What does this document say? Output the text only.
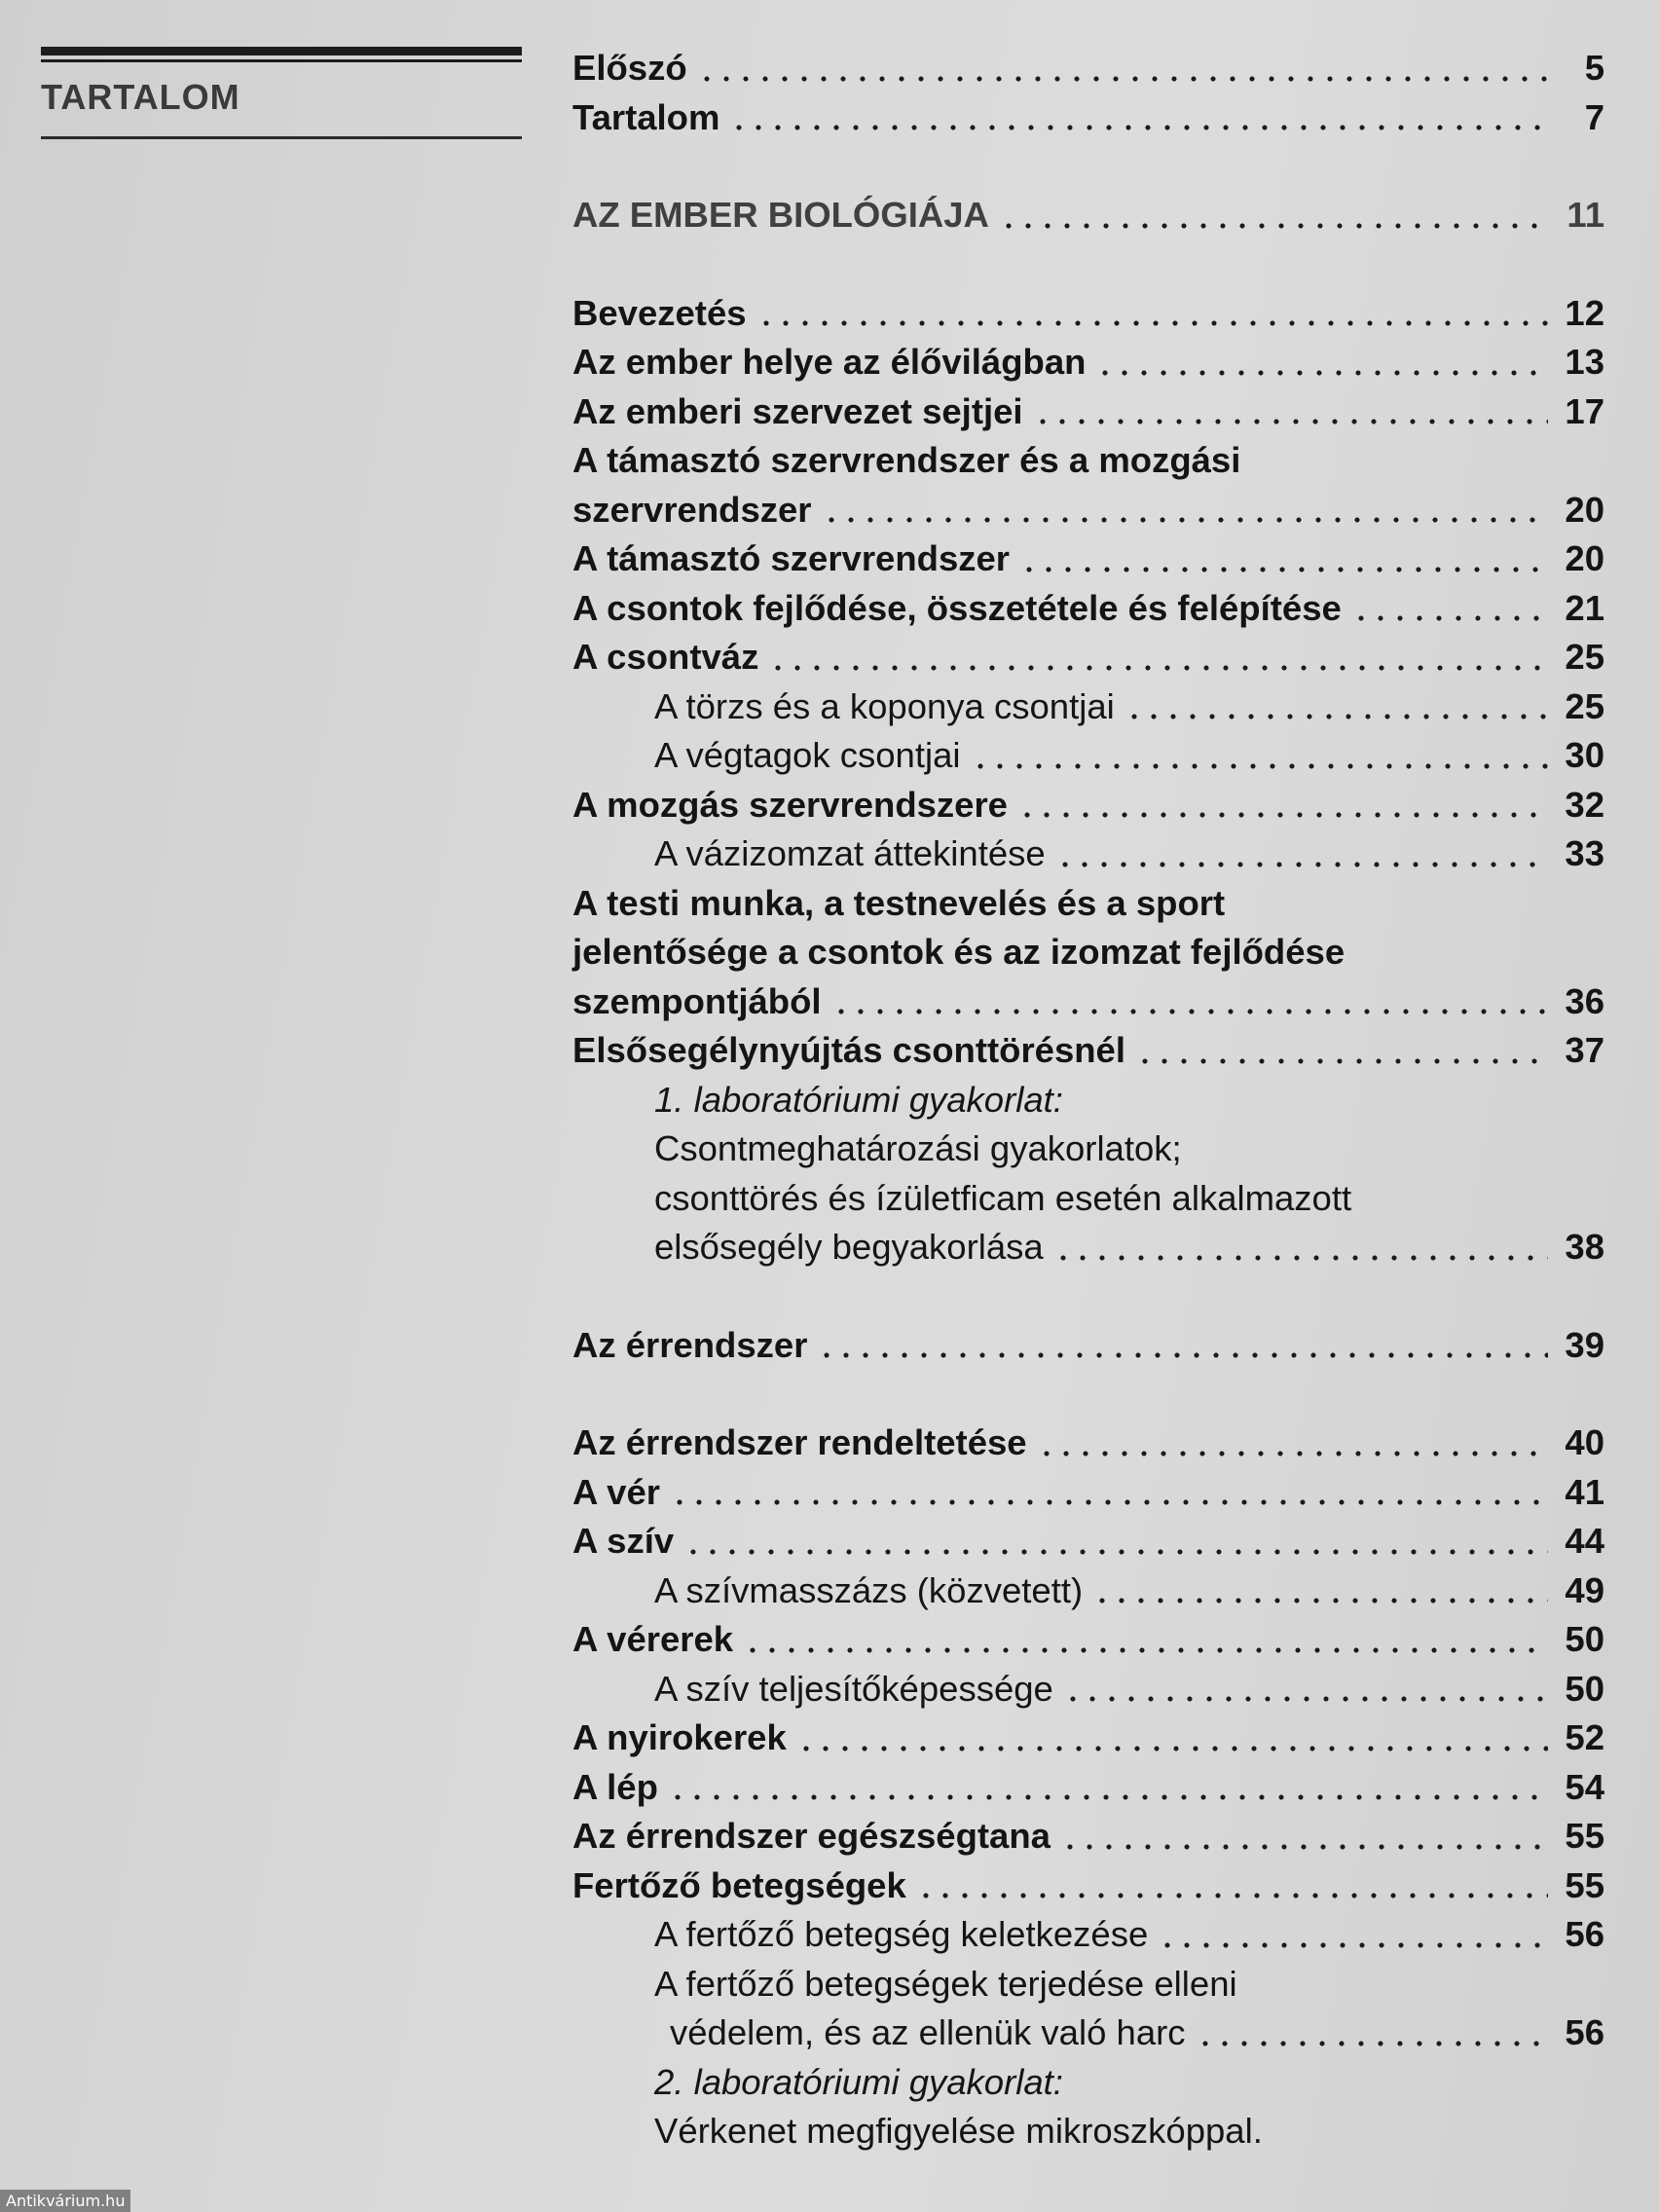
TARTALOM
Előszó	5
Tartalom	7
AZ EMBER BIOLÓGIÁJA	11
Bevezetés	12
Az ember helye az élővilágban	13
Az emberi szervezet sejtjei	17
A támasztó szervrendszer és a mozgási
szervrendszer	20
A támasztó szervrendszer	20
A csontok fejlődése, összetétele és felépítése	21
A csontváz	25
A törzs és a koponya csontjai	25
A végtagok csontjai	30
A mozgás szervrendszere	32
A vázizomzat áttekintése	33
A testi munka, a testnevelés és a sport
jelentősége a csontok és az izomzat fejlődése
szempontjából	36
Elsősegélynyújtás csonttörésnél	37
1. laboratóriumi gyakorlat:
Csontmeghatározási gyakorlatok;
csonttörés és ízületficam esetén alkalmazott
elsősegély begyakorlása	38
Az érrendszer	39
Az érrendszer rendeltetése	40
A vér	41
A szív	44
A szívmasszázs (közvetett)	49
A vérerek	50
A szív teljesítőképessége	50
A nyirokerek	52
A lép	54
Az érrendszer egészségtana	55
Fertőző betegségek	55
A fertőző betegség keletkezése	56
A fertőző betegségek terjedése elleni
védelem, és az ellenük való harc	56
2. laboratóriumi gyakorlat:
Vérkenet megfigyelése mikroszkóppal.
Antikvárium.hu
